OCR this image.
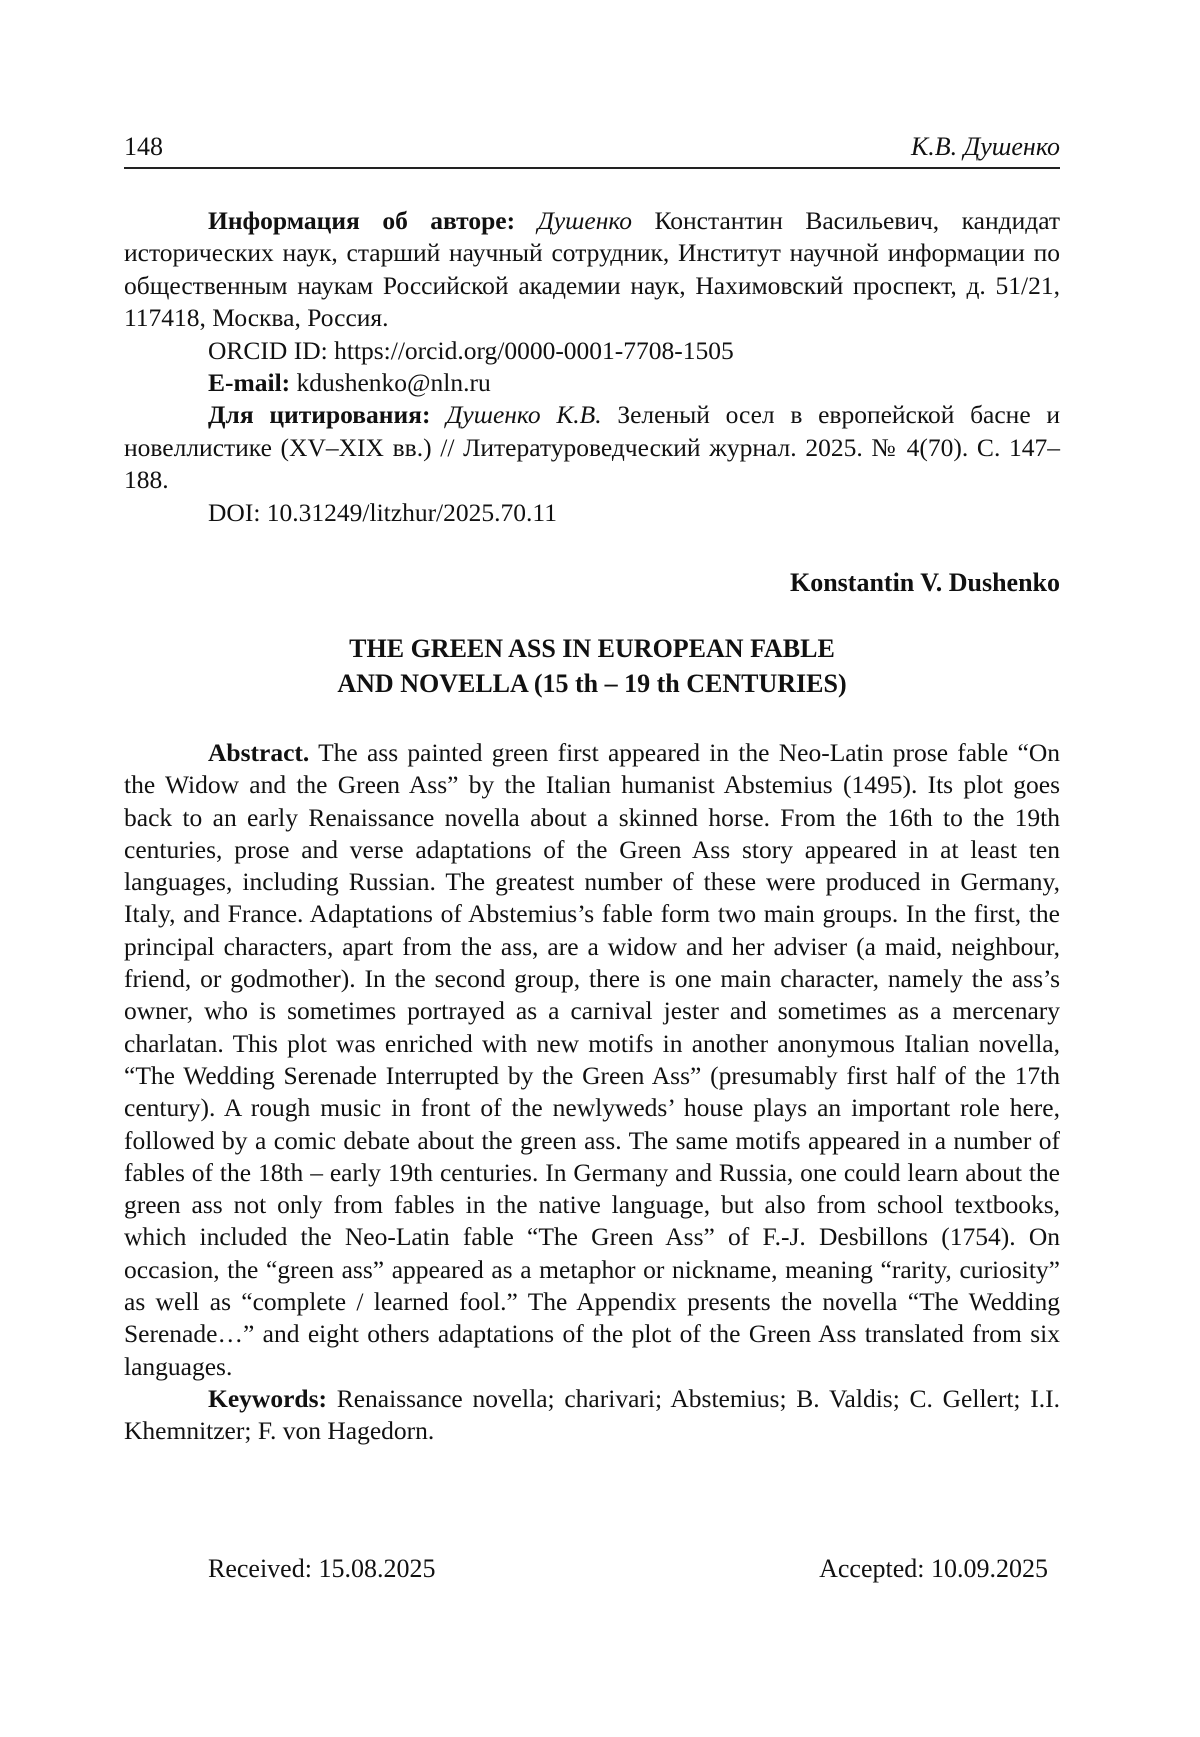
148	К.В. Душенко

Информация об авторе: Душенко Константин Васильевич, кандидат исторических наук, старший научный сотрудник, Институт научной информации по общественным наукам Российской академии наук, Нахимовский проспект, д. 51/21, 117418, Москва, Россия.

ORCID ID: https://orcid.org/0000-0001-7708-1505

E-mail: kdushenko@nln.ru

Для цитирования: Душенко К.В. Зеленый осел в европейской басне и новеллистике (XV–XIX вв.) // Литературоведческий журнал. 2025. № 4(70). С. 147–188.

DOI: 10.31249/litzhur/2025.70.11

Konstantin V. Dushenko
THE GREEN ASS IN EUROPEAN FABLE
AND NOVELLA (15 th – 19 th CENTURIES)

Abstract. The ass painted green first appeared in the Neo-Latin prose fable “On the Widow and the Green Ass” by the Italian humanist Abstemius (1495). Its plot goes back to an early Renaissance novella about a skinned horse. From the 16th to the 19th centuries, prose and verse adaptations of the Green Ass story appeared in at least ten languages, including Russian. The greatest number of these were produced in Germany, Italy, and France. Adaptations of Abstemius’s fable form two main groups. In the first, the principal characters, apart from the ass, are a widow and her adviser (a maid, neighbour, friend, or godmother). In the second group, there is one main character, namely the ass’s owner, who is sometimes portrayed as a carnival jester and sometimes as a mercenary charlatan. This plot was enriched with new motifs in another anonymous Italian novella, “The Wedding Serenade Interrupted by the Green Ass” (presumably first half of the 17th century). A rough music in front of the newlyweds’ house plays an important role here, followed by a comic debate about the green ass. The same motifs appeared in a number of fables of the 18th – early 19th centuries. In Germany and Russia, one could learn about the green ass not only from fables in the native language, but also from school textbooks, which included the Neo-Latin fable “The Green Ass” of F.-J. Desbillons (1754). On occasion, the “green ass” appeared as a metaphor or nickname, meaning “rarity, curiosity” as well as “complete / learned fool.” The Appendix presents the novella “The Wedding Serenade…” and eight others adaptations of the plot of the Green Ass translated from six languages.

Keywords: Renaissance novella; charivari; Abstemius; B. Valdis; C. Gellert; I.I. Khemnitzer; F. von Hagedorn.

Received: 15.08.2025	Accepted: 10.09.2025
